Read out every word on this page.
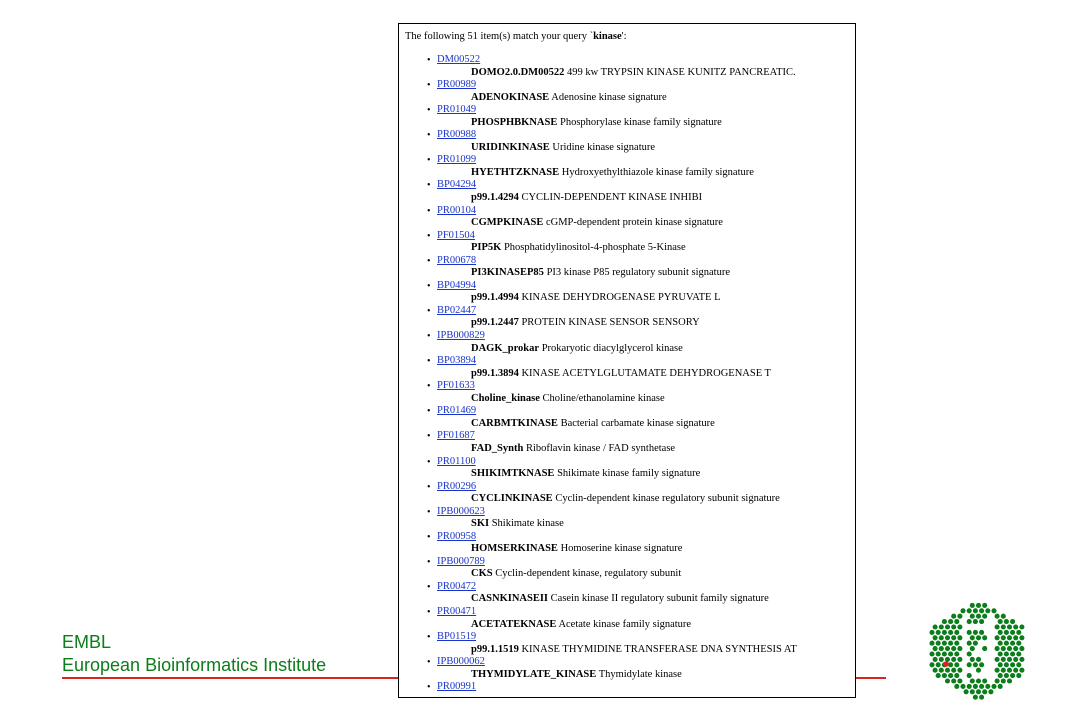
EMBL
European Bioinformatics Institute
The following 51 item(s) match your query `kinase':
• DM00522
DOMO2.0.DM00522 499 kw TRYPSIN KINASE KUNITZ PANCREATIC.
• PR00989
ADENOKINASE Adenosine kinase signature
• PR01049
PHOSPHBKNASE Phosphorylase kinase family signature
• PR00988
URIDINKINASE Uridine kinase signature
• PR01099
HYETHTZKNASE Hydroxyethylthiazole kinase family signature
• BP04294
p99.1.4294 CYCLIN-DEPENDENT KINASE INHIBI
• PR00104
CGMPKINASE cGMP-dependent protein kinase signature
• PF01504
PIP5K Phosphatidylinositol-4-phosphate 5-Kinase
• PR00678
PI3KINASEP85 PI3 kinase P85 regulatory subunit signature
• BP04994
p99.1.4994 KINASE DEHYDROGENASE PYRUVATE L
• BP02447
p99.1.2447 PROTEIN KINASE SENSOR SENSORY
• IPB000829
DAGK_prokar Prokaryotic diacylglycerol kinase
• BP03894
p99.1.3894 KINASE ACETYLGLUTAMATE DEHYDROGENASE T
• PF01633
Choline_kinase Choline/ethanolamine kinase
• PR01469
CARBMTKINASE Bacterial carbamate kinase signature
• PF01687
FAD_Synth Riboflavin kinase / FAD synthetase
• PR01100
SHIKIMTKNASE Shikimate kinase family signature
• PR00296
CYCLINKINASE Cyclin-dependent kinase regulatory subunit signature
• IPB000623
SKI Shikimate kinase
• PR00958
HOMSERKINASE Homoserine kinase signature
• IPB000789
CKS Cyclin-dependent kinase, regulatory subunit
• PR00472
CASNKINASEII Casein kinase II regulatory subunit family signature
• PR00471
ACETATEKNASE Acetate kinase family signature
• BP01519
p99.1.1519 KINASE THYMIDINE TRANSFERASE DNA SYNTHESIS AT
• IPB000062
THYMIDYLATE_KINASE Thymidylate kinase
• PR00991
